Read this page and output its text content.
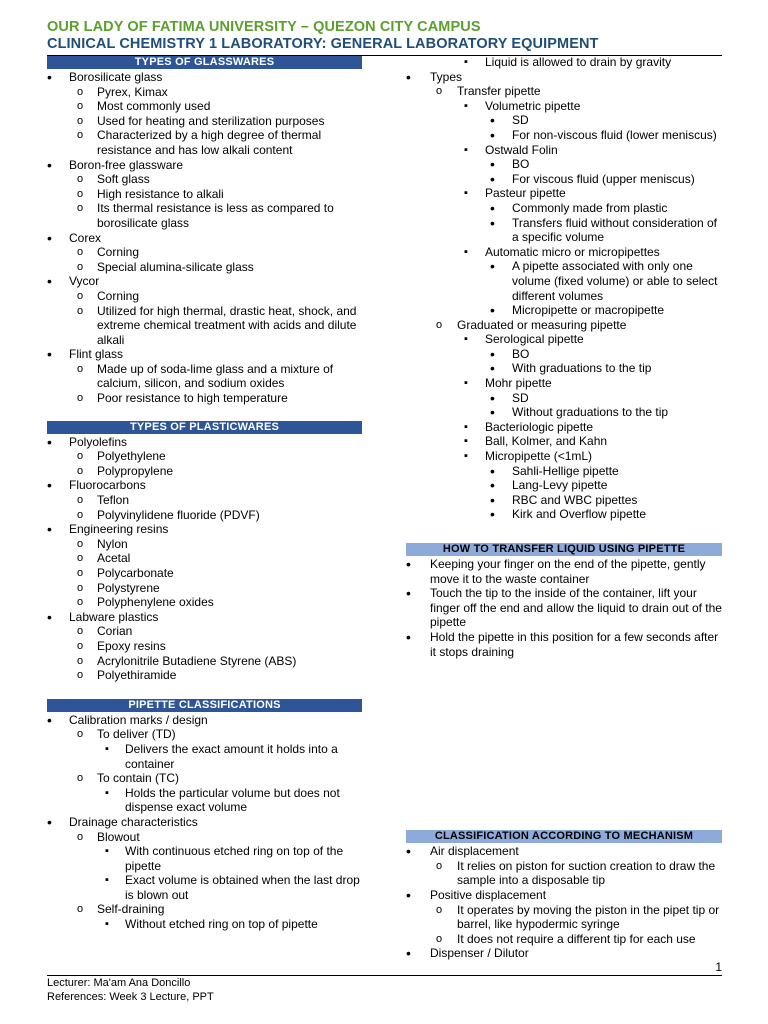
OUR LADY OF FATIMA UNIVERSITY – QUEZON CITY CAMPUS
CLINICAL CHEMISTRY 1 LABORATORY: GENERAL LABORATORY EQUIPMENT
TYPES OF GLASSWARES
• Borosilicate glass
o Pyrex, Kimax
o Most commonly used
o Used for heating and sterilization purposes
o Characterized by a high degree of thermal resistance and has low alkali content
• Boron-free glassware
o Soft glass
o High resistance to alkali
o Its thermal resistance is less as compared to borosilicate glass
• Corex
o Corning
o Special alumina-silicate glass
• Vycor
o Corning
o Utilized for high thermal, drastic heat, shock, and extreme chemical treatment with acids and dilute alkali
• Flint glass
o Made up of soda-lime glass and a mixture of calcium, silicon, and sodium oxides
o Poor resistance to high temperature
TYPES OF PLASTICWARES
• Polyolefins
o Polyethylene
o Polypropylene
• Fluorocarbons
o Teflon
o Polyvinylidene fluoride (PDVF)
• Engineering resins
o Nylon
o Acetal
o Polycarbonate
o Polystyrene
o Polyphenylene oxides
• Labware plastics
o Corian
o Epoxy resins
o Acrylonitrile Butadiene Styrene (ABS)
o Polyethiramide
PIPETTE CLASSIFICATIONS
• Calibration marks / design
o To deliver (TD)
▪ Delivers the exact amount it holds into a container
o To contain (TC)
▪ Holds the particular volume but does not dispense exact volume
• Drainage characteristics
o Blowout
▪ With continuous etched ring on top of the pipette
▪ Exact volume is obtained when the last drop is blown out
o Self-draining
▪ Without etched ring on top of pipette
▪ Liquid is allowed to drain by gravity
• Types
o Transfer pipette
▪ Volumetric pipette
• SD
• For non-viscous fluid (lower meniscus)
▪ Ostwald Folin
• BO
• For viscous fluid (upper meniscus)
▪ Pasteur pipette
• Commonly made from plastic
• Transfers fluid without consideration of a specific volume
▪ Automatic micro or micropipettes
• A pipette associated with only one volume (fixed volume) or able to select different volumes
• Micropipette or macropipette
o Graduated or measuring pipette
▪ Serological pipette
• BO
• With graduations to the tip
▪ Mohr pipette
• SD
• Without graduations to the tip
▪ Bacteriologic pipette
▪ Ball, Kolmer, and Kahn
▪ Micropipette (<1mL)
• Sahli-Hellige pipette
• Lang-Levy pipette
• RBC and WBC pipettes
• Kirk and Overflow pipette
HOW TO TRANSFER LIQUID USING PIPETTE
• Keeping your finger on the end of the pipette, gently move it to the waste container
• Touch the tip to the inside of the container, lift your finger off the end and allow the liquid to drain out of the pipette
• Hold the pipette in this position for a few seconds after it stops draining
CLASSIFICATION ACCORDING TO MECHANISM
• Air displacement
o It relies on piston for suction creation to draw the sample into a disposable tip
• Positive displacement
o It operates by moving the piston in the pipet tip or barrel, like hypodermic syringe
o It does not require a different tip for each use
• Dispenser / Dilutor
1
Lecturer: Ma'am Ana Doncillo
References: Week 3 Lecture, PPT
